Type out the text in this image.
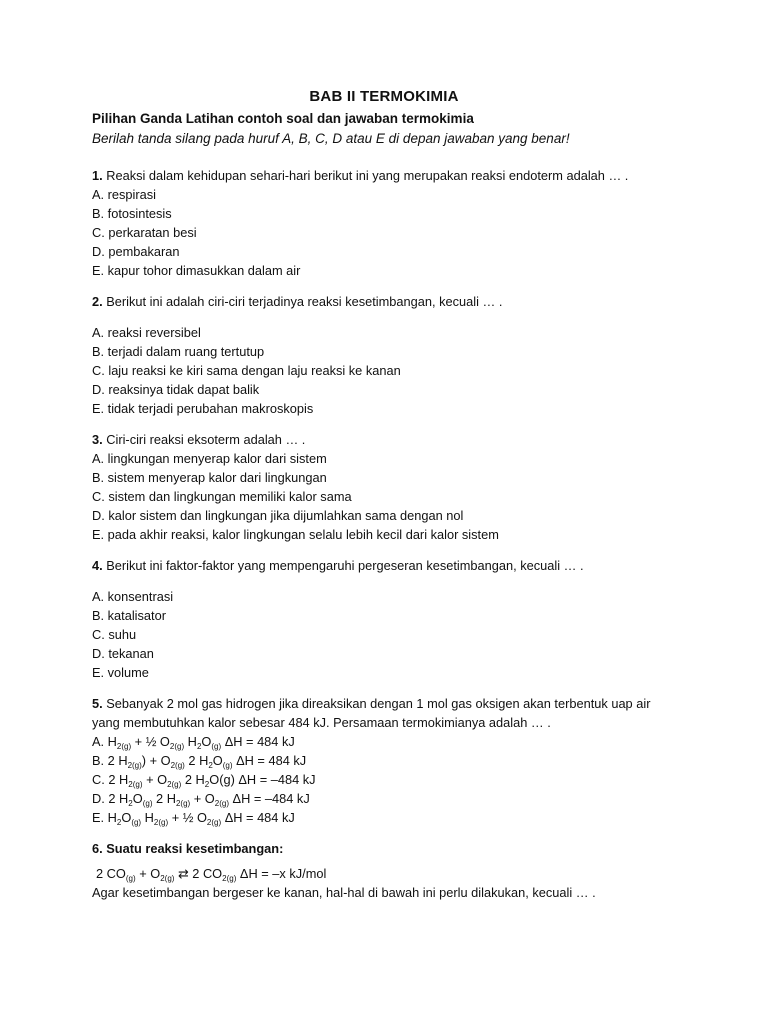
BAB II TERMOKIMIA

Pilihan Ganda Latihan contoh soal dan jawaban termokimia

Berilah tanda silang pada huruf A, B, C, D atau E di depan jawaban yang benar!

1. Reaksi dalam kehidupan sehari-hari berikut ini yang merupakan reaksi endoterm adalah … .

A. respirasi

B. fotosintesis

C. perkaratan besi

D. pembakaran

E. kapur tohor dimasukkan dalam air

2. Berikut ini adalah ciri-ciri terjadinya reaksi kesetimbangan, kecuali … .

A. reaksi reversibel

B. terjadi dalam ruang tertutup

C. laju reaksi ke kiri sama dengan laju reaksi ke kanan

D. reaksinya tidak dapat balik

E. tidak terjadi perubahan makroskopis

3. Ciri-ciri reaksi eksoterm adalah … .

A. lingkungan menyerap kalor dari sistem

B. sistem menyerap kalor dari lingkungan

C. sistem dan lingkungan memiliki kalor sama

D. kalor sistem dan lingkungan jika dijumlahkan sama dengan nol

E. pada akhir reaksi, kalor lingkungan selalu lebih kecil dari kalor sistem

4. Berikut ini faktor-faktor yang mempengaruhi pergeseran kesetimbangan, kecuali … .

A. konsentrasi

B. katalisator

C. suhu

D. tekanan

E. volume

5. Sebanyak 2 mol gas hidrogen jika direaksikan dengan 1 mol gas oksigen akan terbentuk uap air

yang membutuhkan kalor sebesar 484 kJ. Persamaan termokimianya adalah … .

A. $H_{2(g)}$ + ½ $O_{2(g)}$ $H_2O_{(g)}$ ΔH = 484 kJ

B. 2 $H_{2(g)}) + O_{2(g)}$ 2 $H_2O_{(g)}$ ΔH = 484 kJ

C. 2 $H_{2(g)} + O_{2(g)}$ 2 $H_2O(g) \Delta H = -484$ kJ

D. 2 $H_2O_{(g)}$ 2 $H_{2(g)} + O_{2(g)}$ ΔH = –484 kJ

E. $H_2O_{(g)}$ $H_{2(g)}$ + ½ $O_{2(g)}$ ΔH = 484 kJ

6. Suatu reaksi kesetimbangan:

2 $CO_{(g)} + O_{2(g)}$ ⇄ 2 $CO_{2(g)}$ ΔH = –x kJ/mol

Agar kesetimbangan bergeser ke kanan, hal-hal di bawah ini perlu dilakukan, kecuali … .
